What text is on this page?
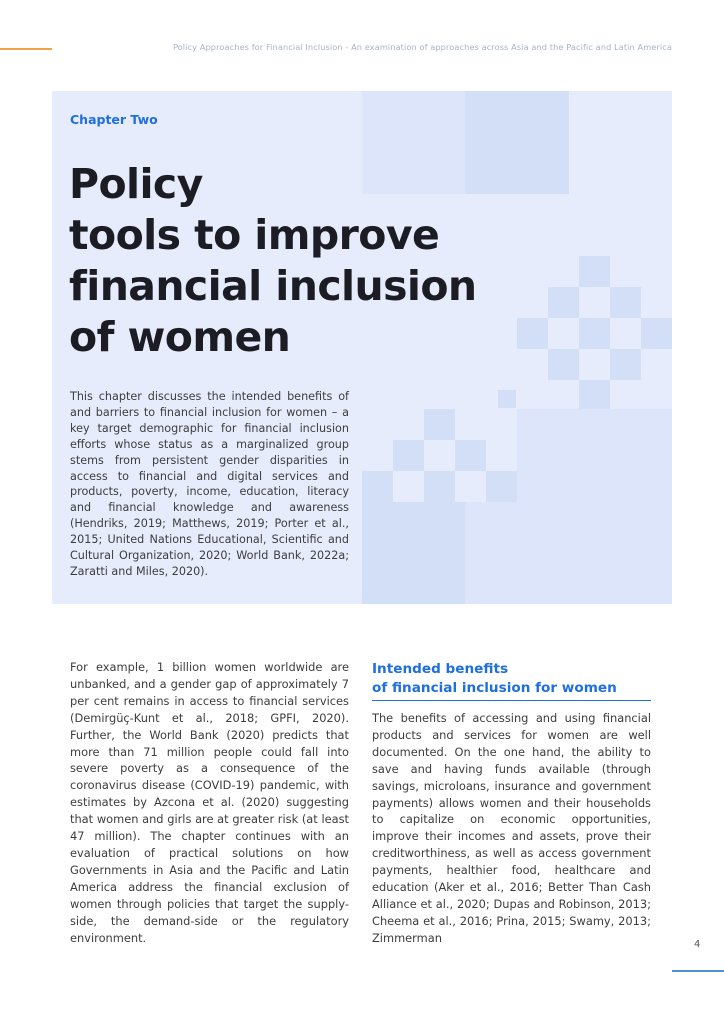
Policy Approaches for Financial Inclusion - An examination of approaches across Asia and the Pacific and Latin America
Chapter Two
Policy
tools to improve
financial inclusion
of women
This chapter discusses the intended benefits of and barriers to financial inclusion for women – a key target demographic for financial inclusion efforts whose status as a marginalized group stems from persistent gender disparities in access to financial and digital services and products, poverty, income, education, literacy and financial knowledge and awareness (Hendriks, 2019; Matthews, 2019; Porter et al., 2015; United Nations Educational, Scientific and Cultural Organization, 2020; World Bank, 2022a; Zaratti and Miles, 2020).
For example, 1 billion women worldwide are unbanked, and a gender gap of approximately 7 per cent remains in access to financial services (Demirgüç-Kunt et al., 2018; GPFI, 2020). Further, the World Bank (2020) predicts that more than 71 million people could fall into severe poverty as a consequence of the coronavirus disease (COVID-19) pandemic, with estimates by Azcona et al. (2020) suggesting that women and girls are at greater risk (at least 47 million). The chapter continues with an evaluation of practical solutions on how Governments in Asia and the Pacific and Latin America address the financial exclusion of women through policies that target the supply-side, the demand-side or the regulatory environment.
Intended benefits
of financial inclusion for women
The benefits of accessing and using financial products and services for women are well documented. On the one hand, the ability to save and having funds available (through savings, microloans, insurance and government payments) allows women and their households to capitalize on economic opportunities, improve their incomes and assets, prove their creditworthiness, as well as access government payments, healthier food, healthcare and education (Aker et al., 2016; Better Than Cash Alliance et al., 2020; Dupas and Robinson, 2013; Cheema et al., 2016; Prina, 2015; Swamy, 2013; Zimmerman	4
